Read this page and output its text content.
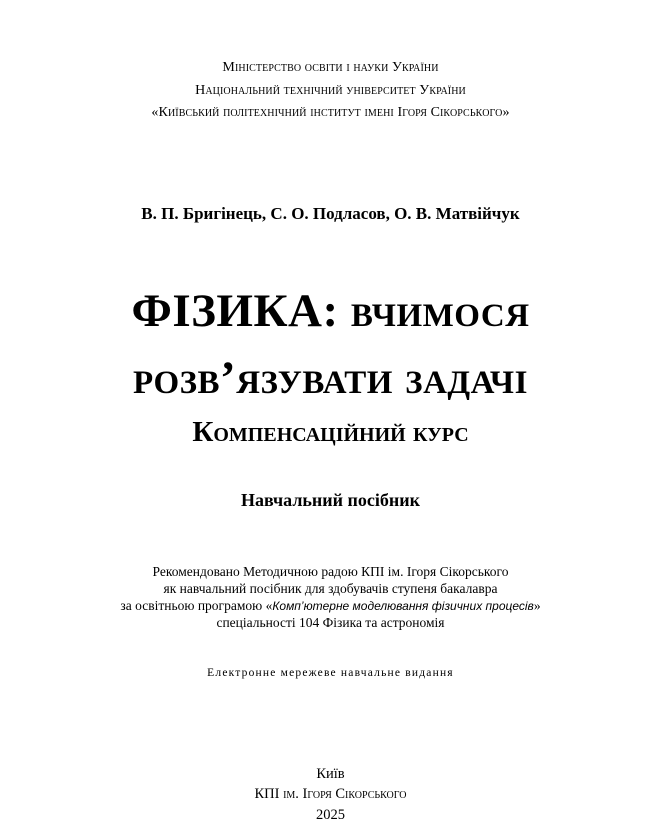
Міністерство освіти і науки України
Національний технічний університет України
«Київський політехнічний інститут імені Ігоря Сікорського»
В. П. Бригінець, С. О. Подласов, О. В. Матвійчук
ФІЗИКА: вчимося
розв’язувати задачі
Компенсаційний курс
Навчальний посібник
Рекомендовано Методичною радою КПІ ім. Ігоря Сікорського
як навчальний посібник для здобувачів ступеня бакалавра
за освітньою програмою «Комп’ютерне моделювання фізичних процесів»
спеціальності 104 Фізика та астрономія
Електронне мережеве навчальне видання
Київ
КПІ ім. Ігоря Сікорського
2025
